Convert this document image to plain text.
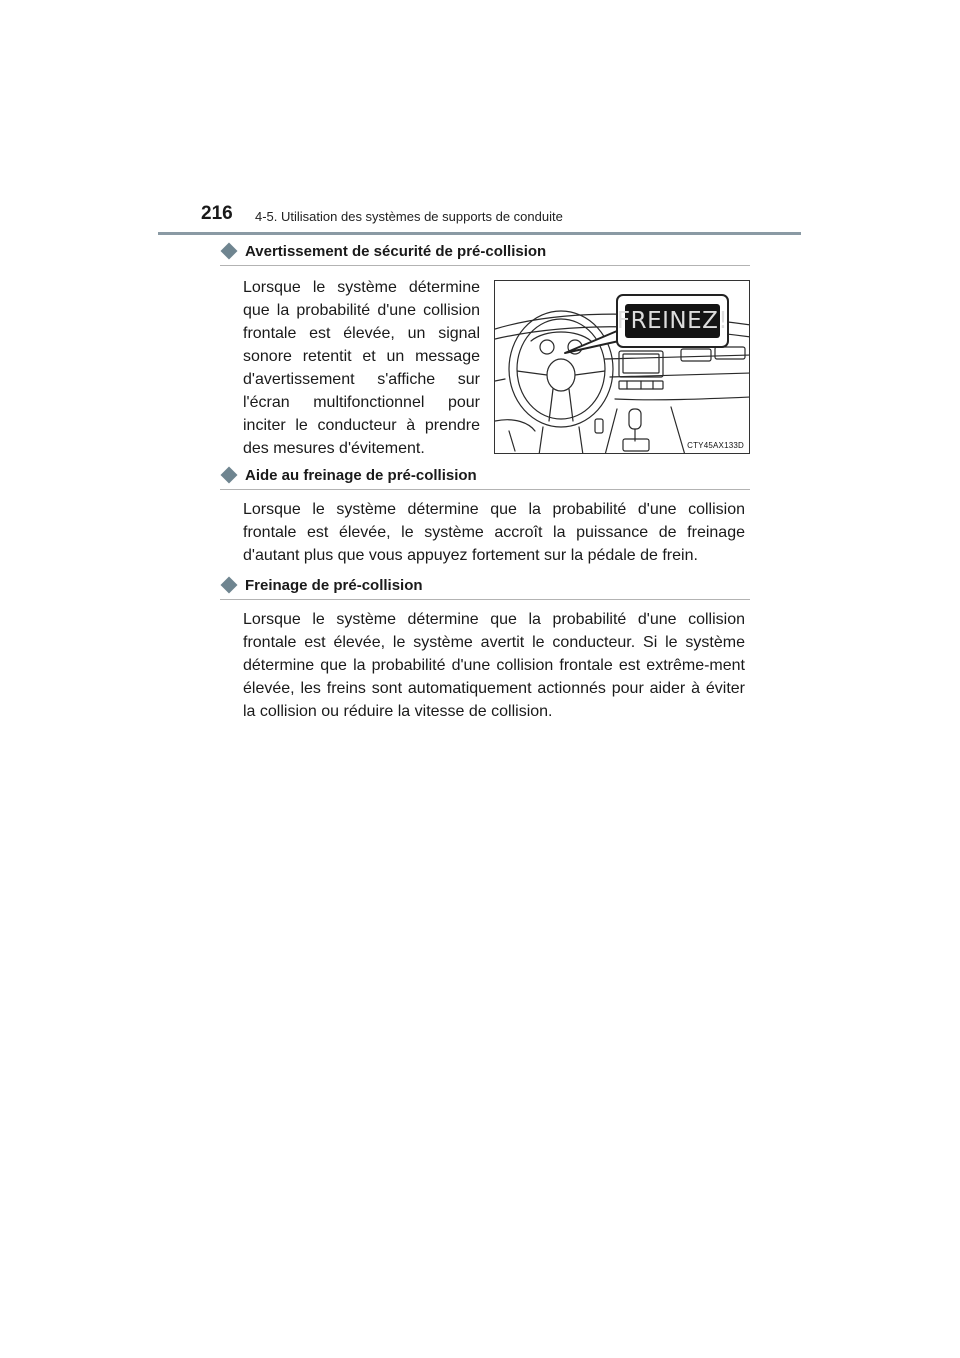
216 4-5. Utilisation des systèmes de supports de conduite
Avertissement de sécurité de pré-collision

Lorsque le système détermine que la probabilité d'une collision frontale est élevée, un signal sonore retentit et un message d'avertissement s'affiche sur l'écran multifonctionnel pour inciter le conducteur à prendre des mesures d'évitement.

FREINEZ!
CTY45AX133D
Aide au freinage de pré-collision

Lorsque le système détermine que la probabilité d'une collision frontale est élevée, le système accroît la puissance de freinage d'autant plus que vous appuyez fortement sur la pédale de frein.

Freinage de pré-collision

Lorsque le système détermine que la probabilité d'une collision frontale est élevée, le système avertit le conducteur. Si le système détermine que la probabilité d'une collision frontale est extrême-ment élevée, les freins sont automatiquement actionnés pour aider à éviter la collision ou réduire la vitesse de collision.
